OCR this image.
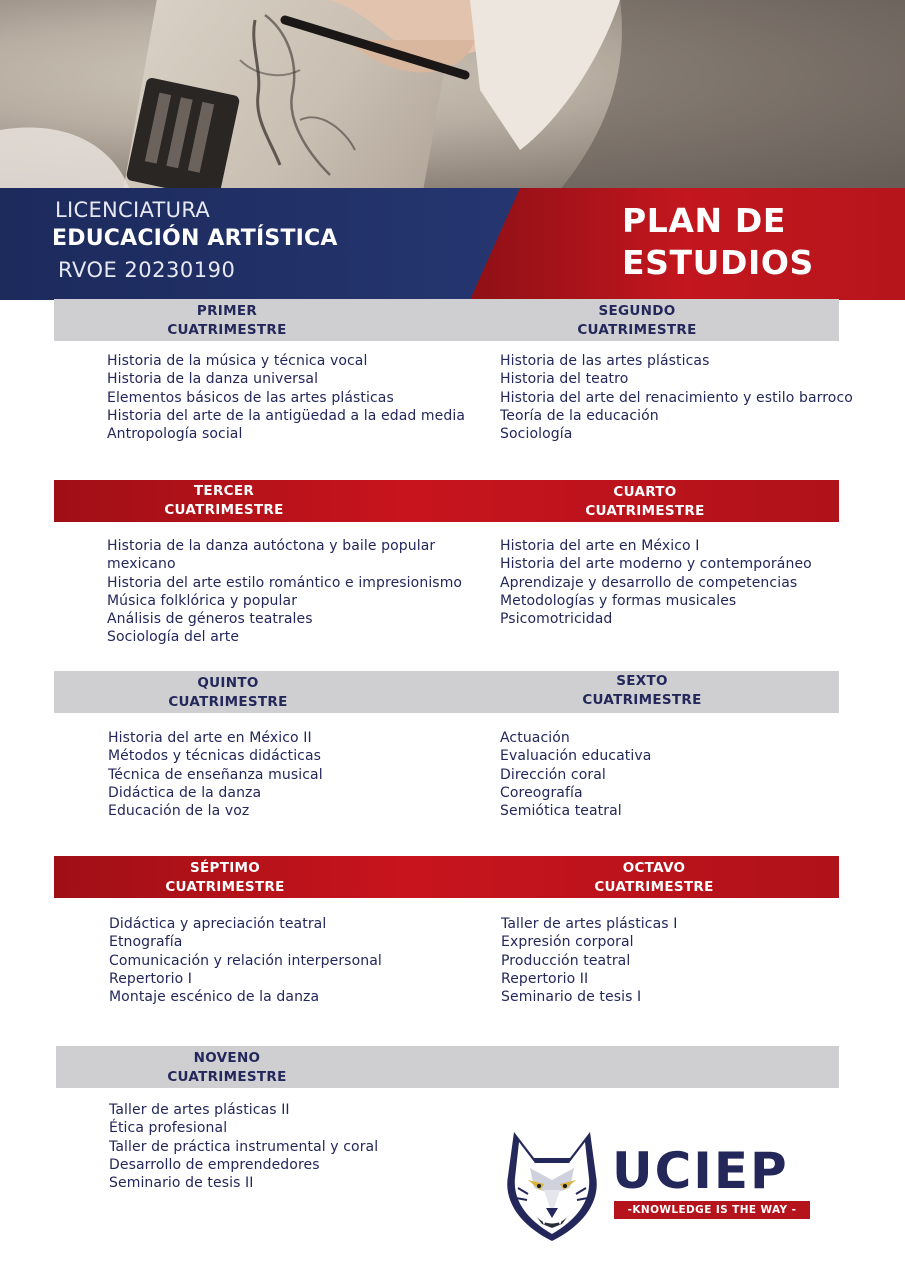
LICENCIATURA
EDUCACIÓN ARTÍSTICA
RVOE 20230190
PLAN DE
ESTUDIOS
PRIMER
CUATRIMESTRE
SEGUNDO
CUATRIMESTRE
Historia de la música y técnica vocal
Historia de la danza universal
Elementos básicos de las artes plásticas
Historia del arte de la antigüedad a la edad media
Antropología social
Historia de las artes plásticas
Historia del teatro
Historia del arte del renacimiento y estilo barroco
Teoría de la educación
Sociología
TERCER
CUATRIMESTRE
CUARTO
CUATRIMESTRE
Historia de la danza autóctona y baile popular
mexicano
Historia del arte estilo romántico e impresionismo
Música folklórica y popular
Análisis de géneros teatrales
Sociología del arte
Historia del arte en México I
Historia del arte moderno y contemporáneo
Aprendizaje y desarrollo de competencias
Metodologías y formas musicales
Psicomotricidad
QUINTO
CUATRIMESTRE
SEXTO
CUATRIMESTRE
Historia del arte en México II
Métodos y técnicas didácticas
Técnica de enseñanza musical
Didáctica de la danza
Educación de la voz
Actuación
Evaluación educativa
Dirección coral
Coreografía
Semiótica teatral
SÉPTIMO
CUATRIMESTRE
OCTAVO
CUATRIMESTRE
Didáctica y apreciación teatral
Etnografía
Comunicación y relación interpersonal
Repertorio I
Montaje escénico de la danza
Taller de artes plásticas I
Expresión corporal
Producción teatral
Repertorio II
Seminario de tesis I
NOVENO
CUATRIMESTRE
Taller de artes plásticas II
Ética profesional
Taller de práctica instrumental y coral
Desarrollo de emprendedores
Seminario de tesis II	UCIEP
-KNOWLEDGE IS THE WAY -
